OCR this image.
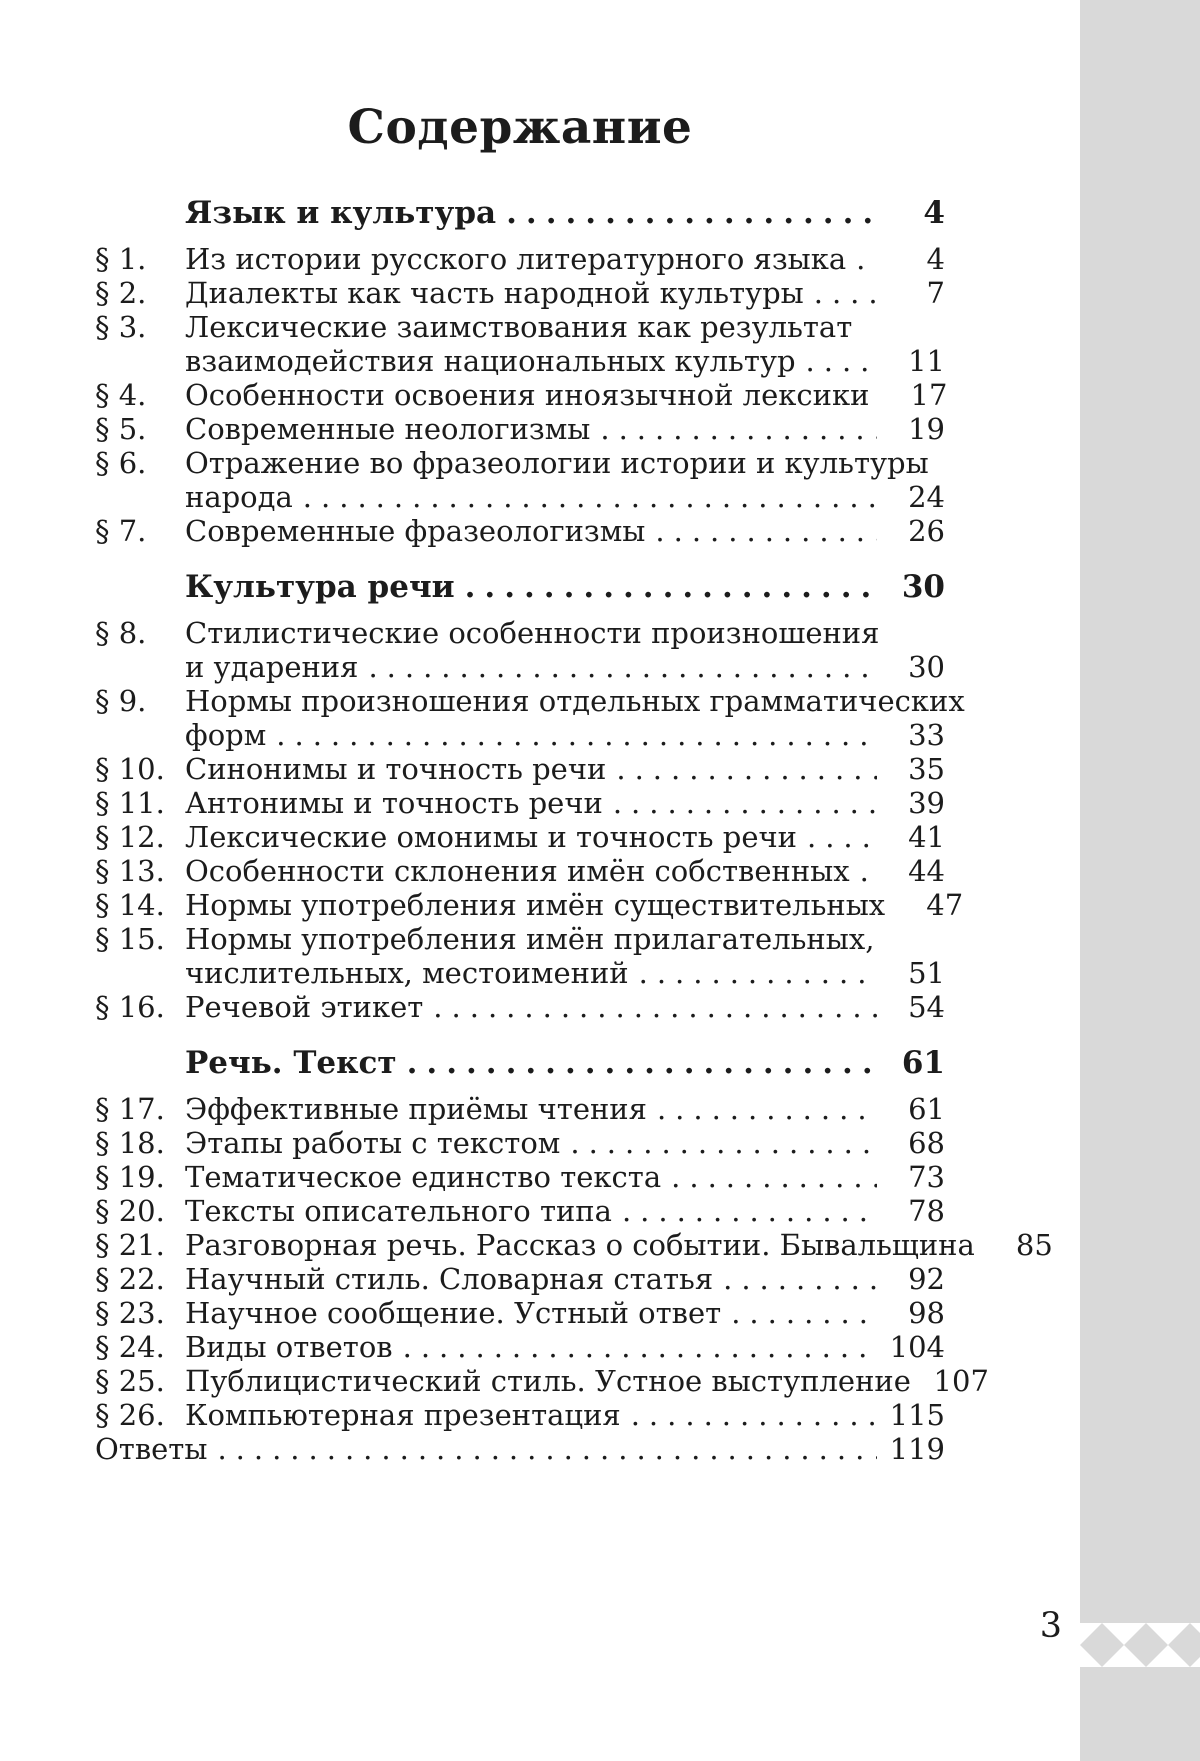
3
Содержание
Язык и культура .....	4
§ 1.	Из истории русского литературного языка .....	4
§ 2.	Диалекты как часть народной культуры .....	7
§ 3.	Лексические заимствования как результат
взаимодействия национальных культур .....	11
§ 4.	Особенности освоения иноязычной лексики .....	17
§ 5.	Современные неологизмы .....	19
§ 6.	Отражение во фразеологии истории и культуры
народа .....	24
§ 7.	Современные фразеологизмы .....	26
Культура речи .....	30
§ 8.	Стилистические особенности произношения
и ударения .....	30
§ 9.	Нормы произношения отдельных грамматических
форм .....	33
§ 10. Синонимы и точность речи .....	35
§ 11. Антонимы и точность речи .....	39
§ 12. Лексические омонимы и точность речи .....	41
§ 13. Особенности склонения имён собственных .....	44
§ 14. Нормы употребления имён существительных .....	47
§ 15. Нормы употребления имён прилагательных,
числительных, местоимений .....	51
§ 16. Речевой этикет .....	54
Речь. Текст .....	61
§ 17. Эффективные приёмы чтения .....	61
§ 18. Этапы работы с текстом .....	68
§ 19. Тематическое единство текста .....	73
§ 20. Тексты описательного типа .....	78
§ 21. Разговорная речь. Рассказ о событии. Бывальщина .....	85
§ 22. Научный стиль. Словарная статья .....	92
§ 23. Научное сообщение. Устный ответ .....	98
§ 24. Виды ответов .....	104
§ 25. Публицистический стиль. Устное выступление ..... 107
§ 26. Компьютерная презентация .....	115
Ответы .....	119
